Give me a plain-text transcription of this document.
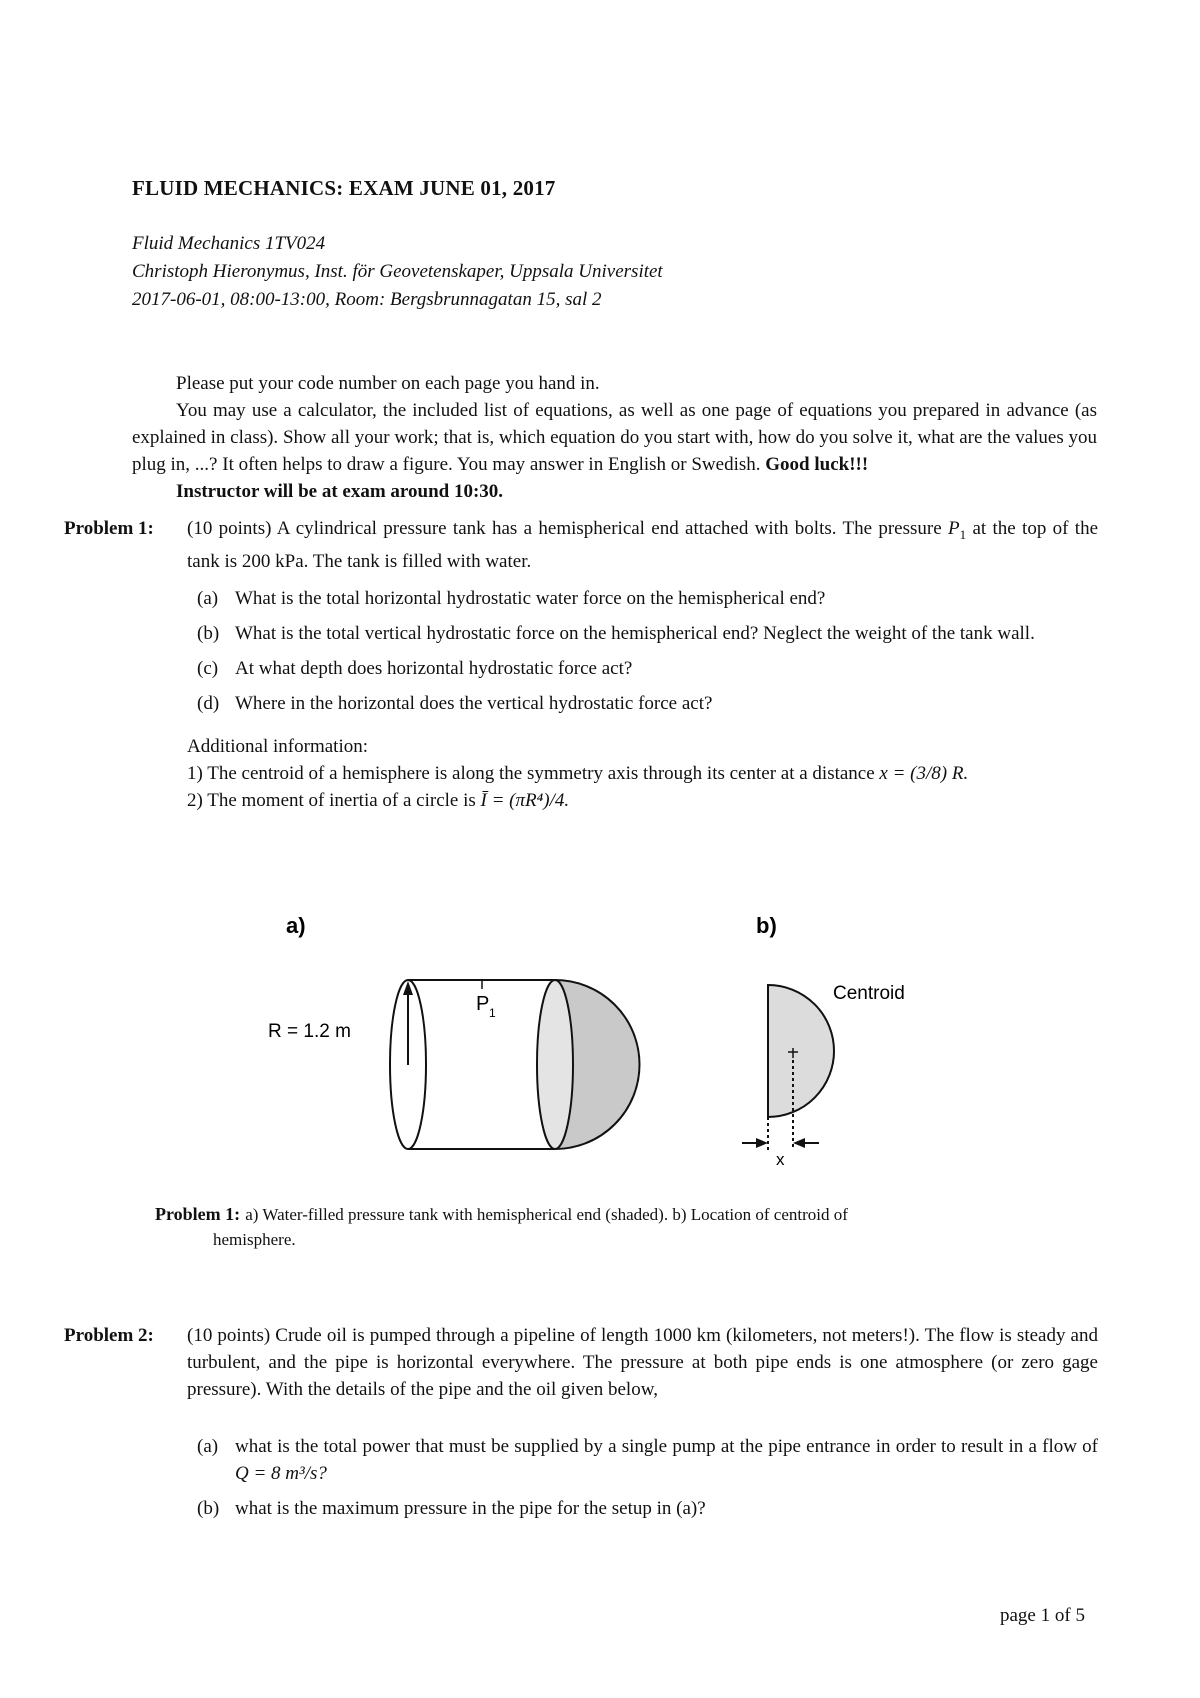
FLUID MECHANICS: EXAM JUNE 01, 2017
Fluid Mechanics 1TV024
Christoph Hieronymus, Inst. för Geovetenskaper, Uppsala Universitet
2017-06-01, 08:00-13:00, Room: Bergsbrunnagatan 15, sal 2

Please put your code number on each page you hand in.

You may use a calculator, the included list of equations, as well as one page of equations you prepared in advance (as explained in class). Show all your work; that is, which equation do you start with, how do you solve it, what are the values you plug in, ...? It often helps to draw a figure. You may answer in English or Swedish. Good luck!!!

Instructor will be at exam around 10:30.

Problem 1: (10 points) A cylindrical pressure tank has a hemispherical end attached with bolts. The pressure $P_1$ at the top of the tank is 200 kPa. The tank is filled with water.
(a) What is the total horizontal hydrostatic water force on the hemispherical end?
(b) What is the total vertical hydrostatic force on the hemispherical end? Neglect the weight of the tank wall.
(c) At what depth does horizontal hydrostatic force act?
(d) Where in the horizontal does the vertical hydrostatic force act?
Additional information:
1) The centroid of a hemisphere is along the symmetry axis through its center at a distance x = (3/8) R.
2) The moment of inertia of a circle is Ī = (πR⁴)/4.
a)	b)
R = 1.2 m
P 1
Centroid
x
Problem 1: a) Water-filled pressure tank with hemispherical end (shaded). b) Location of centroid of
hemisphere.
Problem 2: (10 points) Crude oil is pumped through a pipeline of length 1000 km (kilometers, not meters!). The flow is steady and turbulent, and the pipe is horizontal everywhere. The pressure at both pipe ends is one atmosphere (or zero gage pressure). With the details of the pipe and the oil given below,
(a) what is the total power that must be supplied by a single pump at the pipe entrance in order to result in a flow of Q = 8 m³/s?
(b) what is the maximum pressure in the pipe for the setup in (a)?
page 1 of 5
